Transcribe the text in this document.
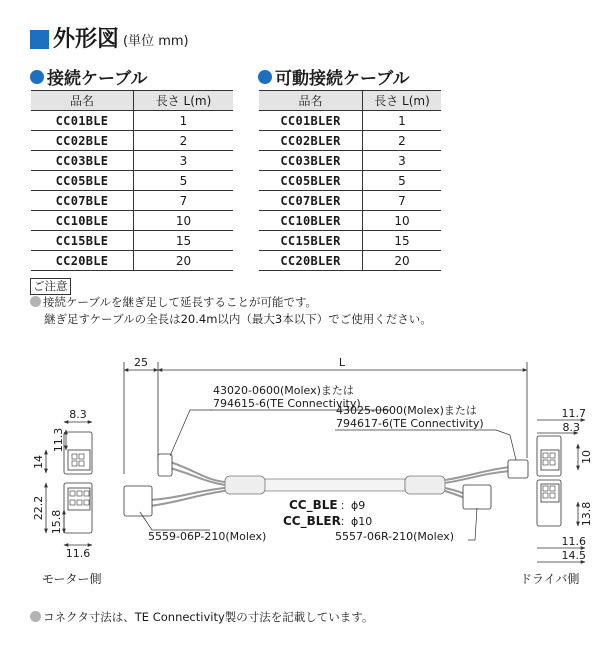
外形図 (単位 mm)
接続ケーブル
品名	長さ L(m)
CC01BLE	1
CC02BLE	2
CC03BLE	3
CC05BLE	5
CC07BLE	7
CC10BLE	10
CC15BLE	15
CC20BLE	20
可動接続ケーブル
品名	長さ L(m)
CC01BLER	1
CC02BLER	2
CC03BLER	3
CC05BLER	5
CC07BLER	7
CC10BLER	10
CC15BLER	15
CC20BLER	20
ご注意
接続ケーブルを継ぎ足して延長することが可能です。
継ぎ足すケーブルの全長は20.4m以内（最大3本以下）でご使用ください。
25	L
43020-0600(Molex)または
794615-6(TE Connectivity)
43025-0600(Molex)または
794617-6(TE Connectivity)
5559-06P-210(Molex)	5557-06R-210(Molex)
CC_BLE ：ϕ9
CC_BLER ：ϕ10
8.3
11.3
14
22.2
15.8
11.6
11.7
8.3
10
13.8
11.6
14.5
モーター側	ドライバ側
コネクタ寸法は、TE Connectivity製の寸法を記載しています。
